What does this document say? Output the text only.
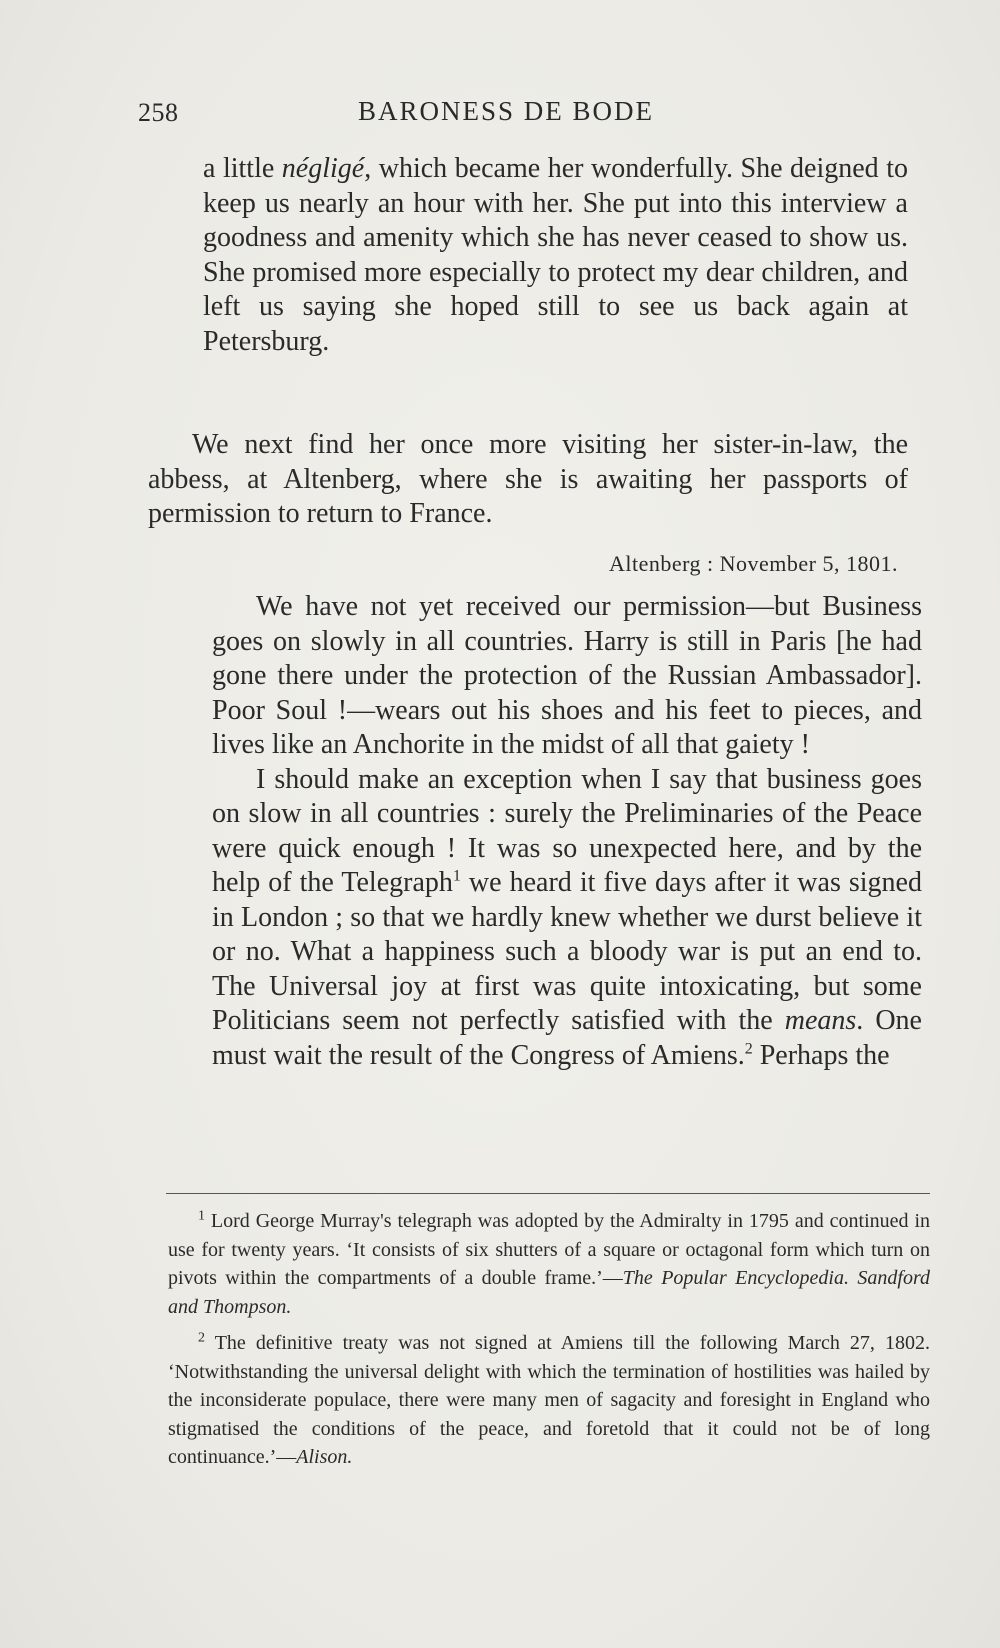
258	BARONESS DE BODE

a little négligé, which became her wonderfully. She deigned to keep us nearly an hour with her. She put into this interview a goodness and amenity which she has never ceased to show us. She promised more especially to protect my dear children, and left us saying she hoped still to see us back again at Petersburg.

We next find her once more visiting her sister-in-law, the abbess, at Altenberg, where she is awaiting her passports of permission to return to France.

Altenberg : November 5, 1801.

We have not yet received our permission—but Business goes on slowly in all countries. Harry is still in Paris [he had gone there under the protection of the Russian Ambassador]. Poor Soul !—wears out his shoes and his feet to pieces, and lives like an Anchorite in the midst of all that gaiety !

I should make an exception when I say that business goes on slow in all countries : surely the Preliminaries of the Peace were quick enough ! It was so unexpected here, and by the help of the Telegraph$^1$ we heard it five days after it was signed in London ; so that we hardly knew whether we durst believe it or no. What a happiness such a bloody war is put an end to. The Universal joy at first was quite intoxicating, but some Politicians seem not perfectly satisfied with the means. One must wait the result of the Congress of Amiens.$^2$ Perhaps the

$^1$ Lord George Murray's telegraph was adopted by the Admiralty in 1795 and continued in use for twenty years. ‘It consists of six shutters of a square or octagonal form which turn on pivots within the compartments of a double frame.’—The Popular Encyclopedia. Sandford and Thompson.

$^2$ The definitive treaty was not signed at Amiens till the following March 27, 1802. ‘Notwithstanding the universal delight with which the termination of hostilities was hailed by the inconsiderate populace, there were many men of sagacity and foresight in England who stigmatised the conditions of the peace, and foretold that it could not be of long continuance.’—Alison.
